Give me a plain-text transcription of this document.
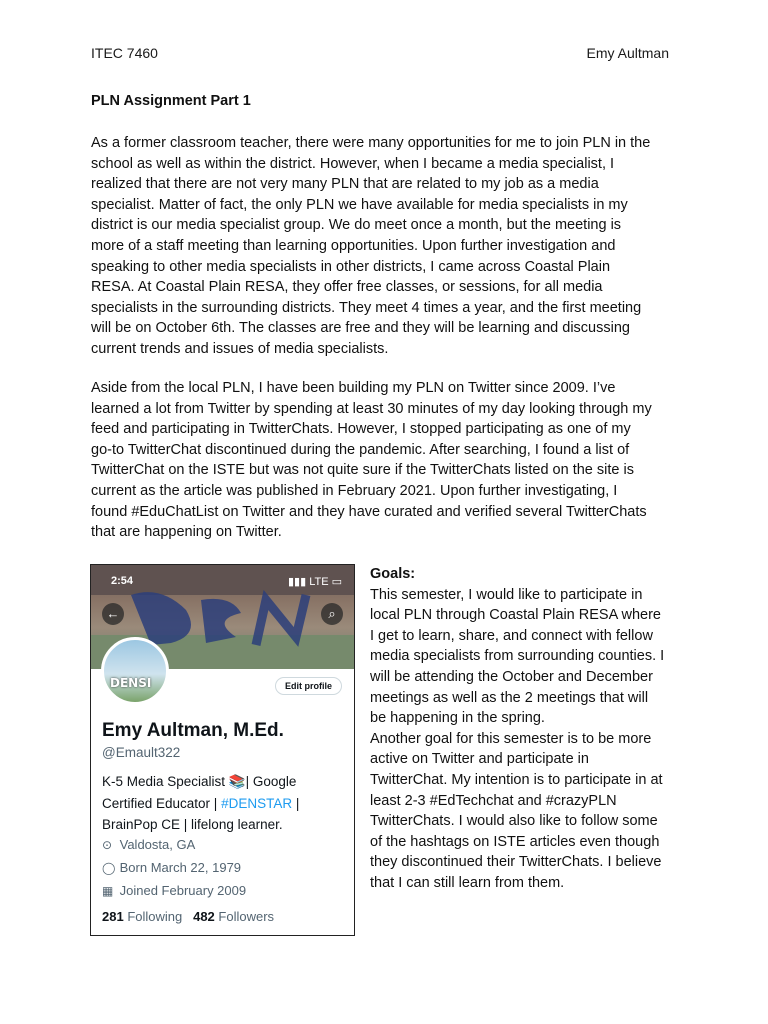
ITEC 7460	Emy Aultman
PLN Assignment Part 1

As a former classroom teacher, there were many opportunities for me to join PLN in the
school as well as within the district. However, when I became a media specialist, I
realized that there are not very many PLN that are related to my job as a media
specialist. Matter of fact, the only PLN we have available for media specialists in my
district is our media specialist group. We do meet once a month, but the meeting is
more of a staff meeting than learning opportunities. Upon further investigation and
speaking to other media specialists in other districts, I came across Coastal Plain
RESA. At Coastal Plain RESA, they offer free classes, or sessions, for all media
specialists in the surrounding districts. They meet 4 times a year, and the first meeting
will be on October 6th. The classes are free and they will be learning and discussing
current trends and issues of media specialists.

Aside from the local PLN, I have been building my PLN on Twitter since 2009. I’ve
learned a lot from Twitter by spending at least 30 minutes of my day looking through my
feed and participating in TwitterChats. However, I stopped participating as one of my
go-to TwitterChat discontinued during the pandemic. After searching, I found a list of
TwitterChat on the ISTE but was not quite sure if the TwitterChats listed on the site is
current as the article was published in February 2021. Upon further investigating, I
found #EduChatList on Twitter and they have curated and verified several TwitterChats
that are happening on Twitter.

2:54	▮▮▮ LTE ▭
←	⌕
DENSI	Edit profile
Emy Aultman, M.Ed.
@Emault322
K-5 Media Specialist 📚| Google
Certified Educator | #DENSTAR |
BrainPop CE | lifelong learner.
⊙ Valdosta, GA
◯ Born March 22, 1979
▦ Joined February 2009
281 Following 482 Followers
Goals:
This semester, I would like to participate in
local PLN through Coastal Plain RESA where
I get to learn, share, and connect with fellow
media specialists from surrounding counties. I
will be attending the October and December
meetings as well as the 2 meetings that will
be happening in the spring.
Another goal for this semester is to be more
active on Twitter and participate in
TwitterChat. My intention is to participate in at
least 2-3 #EdTechchat and #crazyPLN
TwitterChats. I would also like to follow some
of the hashtags on ISTE articles even though
they discontinued their TwitterChats. I believe
that I can still learn from them.
